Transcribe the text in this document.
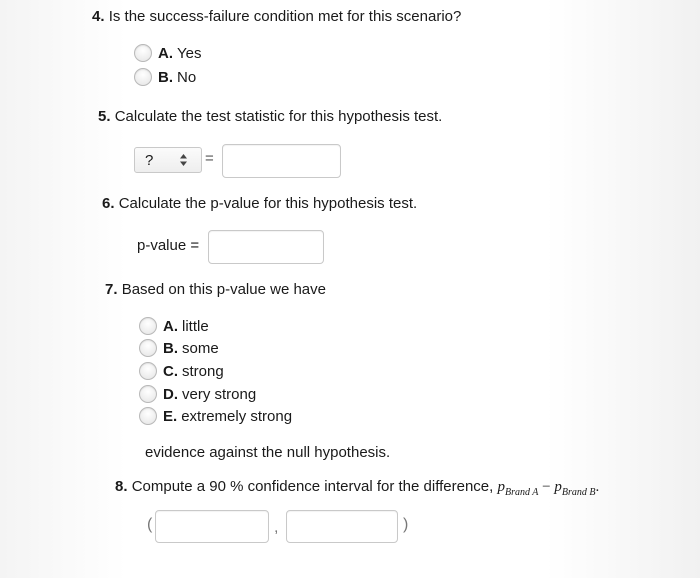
4. Is the success-failure condition met for this scenario?
A. Yes
B. No
5. Calculate the test statistic for this hypothesis test.
?	=
6. Calculate the p-value for this hypothesis test.
p-value =
7. Based on this p-value we have
A. little
B. some
C. strong
D. very strong
E. extremely strong
evidence against the null hypothesis.
8. Compute a 90 % confidence interval for the difference, $p_{Brand A} - p_{Brand B}$.
(	,	)
